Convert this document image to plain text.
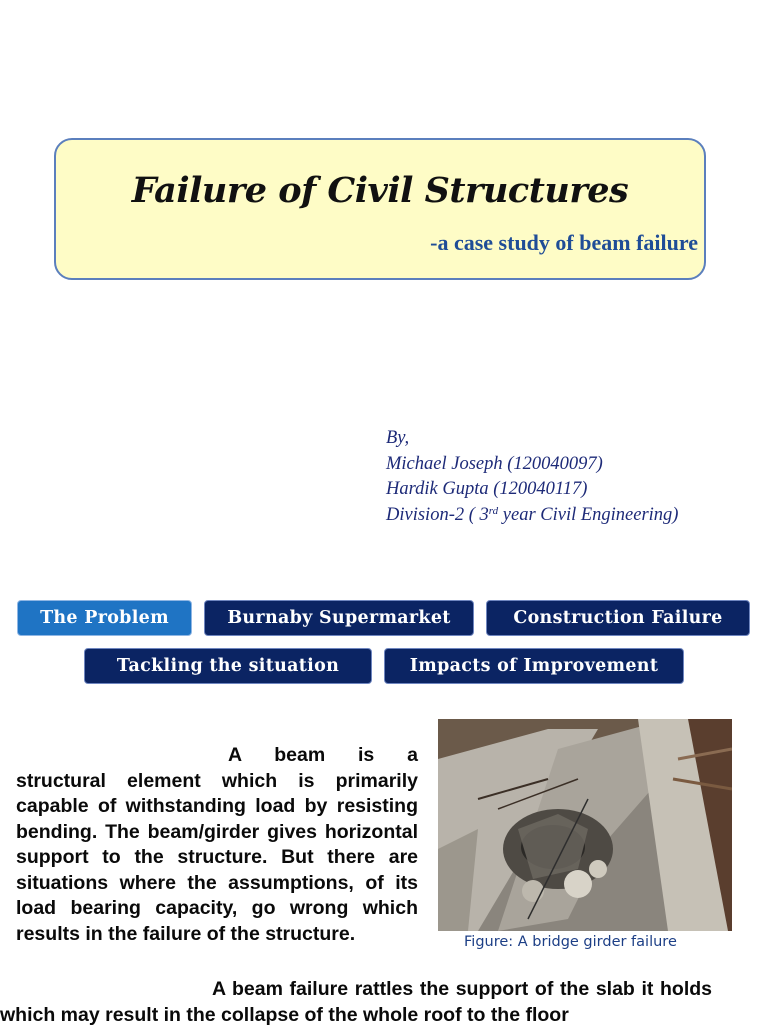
Failure of Civil Structures
-a case study of beam failure
By,
Michael Joseph (120040097)
Hardik Gupta (120040117)
Division-2 ( 3rd year Civil Engineering)
The Problem	Burnaby Supermarket	Construction Failure
Tackling the situation	Impacts of Improvement
A beam is a structural element which is primarily capable of withstanding load by resisting bending. The beam/girder gives horizontal support to the structure. But there are situations where the assumptions, of its load bearing capacity, go wrong which results in the failure of the structure.	Figure: A bridge girder failure
A beam failure rattles the support of the slab it holds which may result in the collapse of the whole roof to the floor
